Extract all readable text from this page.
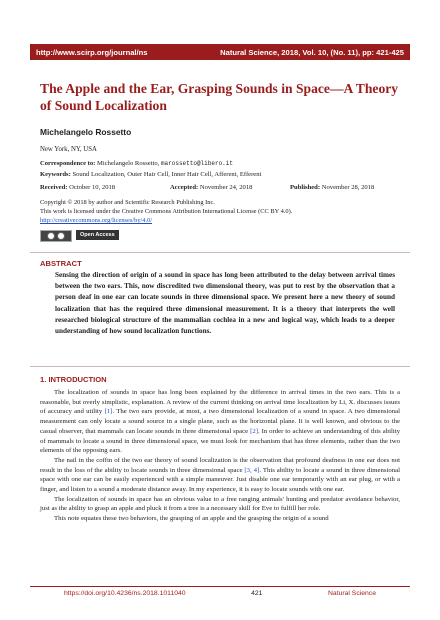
http://www.scirp.org/journal/ns	Natural Science, 2018, Vol. 10, (No. 11), pp: 421-425
The Apple and the Ear, Grasping Sounds in Space—A Theory of Sound Localization
Michelangelo Rossetto
New York, NY, USA
Correspondence to: Michelangelo Rossetto, marossetto@libero.it
Keywords: Sound Localization, Outer Hair Cell, Inner Hair Cell, Afferent, Efferent
Received: October 10, 2018	Accepted: November 24, 2018	Published: November 28, 2018
Copyright © 2018 by author and Scientific Research Publishing Inc.
This work is licensed under the Creative Commons Attribution International License (CC BY 4.0).
http://creativecommons.org/licenses/by/4.0/
Open Access
ABSTRACT
Sensing the direction of origin of a sound in space has long been attributed to the delay between arrival times between the two ears. This, now discredited two dimensional theory, was put to rest by the observation that a person deaf in one ear can locate sounds in three dimensional space. We present here a new theory of sound localization that has the required three dimensional measurement. It is a theory that interprets the well researched biological structure of the mammalian cochlea in a new and logical way, which leads to a deeper understanding of how sound localization functions.
1. INTRODUCTION

The localization of sounds in space has long been explained by the difference in arrival times in the two ears. This is a reasonable, but overly simplistic, explanation. A review of the current thinking on arrival time localization by Li, X. discusses issues of accuracy and utility [1]. The two ears provide, at most, a two dimensional localization of a sound in space. A two dimensional measurement can only locate a sound source in a single plane, such as the horizontal plane. It is well known, and obvious to the casual observer, that mammals can locate sounds in three dimensional space [2]. In order to achieve an understanding of this ability of mammals to locate a sound in three dimensional space, we must look for mechanism that has three elements, rather than the two elements of the opposing ears.

The nail in the coffin of the two ear theory of sound localization is the observation that profound deafness in one ear does not result in the loss of the ability to locate sounds in three dimensional space [3, 4]. This ability to locate a sound in three dimensional space with one ear can be easily experienced with a simple maneuver. Just disable one ear temporarily with an ear plug, or with a finger, and listen to a sound a moderate distance away. In my experience, it is easy to locate sounds with one ear.

The localization of sounds in space has an obvious value to a free ranging animals' hunting and predator avoidance behavior, just as the ability to grasp an apple and pluck it from a tree is a necessary skill for Eve to fulfill her role.

This note equates these two behaviors, the grasping of an apple and the grasping the origin of a sound

https://doi.org/10.4236/ns.2018.1011040	421	Natural Science
